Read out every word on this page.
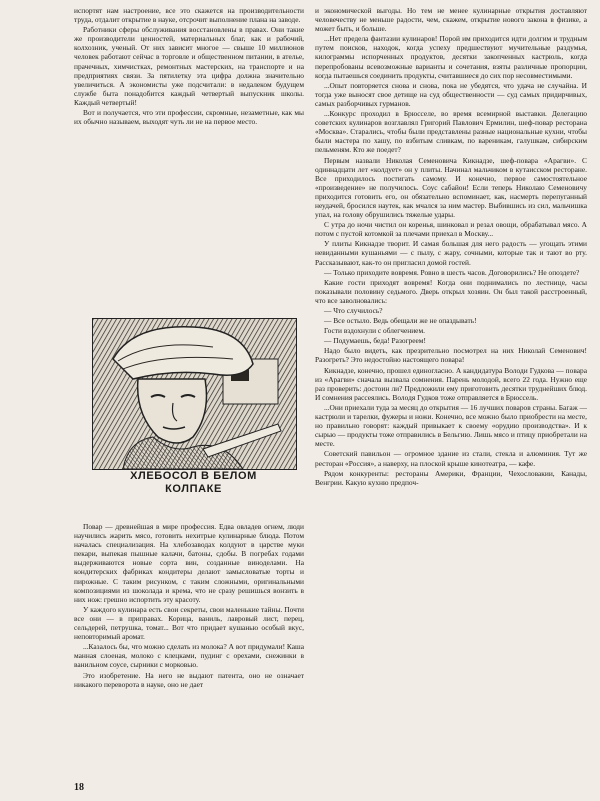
испортят нам настроение, все это скажется на производительности труда, отдалит открытие в науке, отсрочит выполнение плана на заводе.

Работники сферы обслуживания восстановлены в правах. Они такие же производители ценностей, материальных благ, как и рабочий, колхозник, ученый. От них зависит многое — свыше 10 миллионов человек работают сейчас в торговле и общественном питании, в ателье, прачечных, химчистках, ремонтных мастерских, на транспорте и на предприятиях связи. За пятилетку эта цифра должна значительно увеличиться. А экономисты уже подсчитали: в недалеком будущем службе быта понадобится каждый четвертый выпускник школы. Каждый четвертый!

Вот и получается, что эти профессии, скромные, незаметные, как мы их обычно называем, выходят чуть ли не на первое место.

ХЛЕБОСОЛ В БЕЛОМ
КОЛПАКЕ

Повар — древнейшая в мире профессия. Едва овладев огнем, люди научились жарить мясо, готовить нехитрые кулинарные блюда. Потом началась специализация. На хлебозаводах колдуют в царстве муки пекари, выпекая пышные калачи, батоны, сдобы. В погребах годами выдерживаются новые сорта вин, созданные виноделами. На кондитерских фабриках кондитеры делают замысловатые торты и пирожные. С таким рисунком, с таким сложными, оригинальными композициями из шоколада и крема, что не сразу решишься вонзить в них нож: грешно испортить эту красоту.

У каждого кулинара есть свои секреты, свои маленькие тайны. Почти все они — в приправах. Корица, ваниль, лавровый лист, перец, сельдерей, петрушка, томат... Вот что придает кушанью особый вкус, неповторимый аромат.

...Казалось бы, что можно сделать из молока? А вот придумали! Каша манная слоеная, молоко с клецками, пудинг с орехами, снежинки в ванильном соусе, сырники с морковью.

Это изобретение. На него не выдают патента, оно не означает никакого переворота в науке, оно не дает

и экономической выгоды. Но тем не менее кулинарные открытия доставляют человечеству не меньше радости, чем, скажем, открытие нового закона в физике, а может быть, и больше.

...Нет предела фантазии кулинаров! Порой им приходится идти долгим и трудным путем поисков, находок, когда успеху предшествуют мучительные раздумья, килограммы испорченных продуктов, десятки закопченных кастрюль, когда перепробованы всевозможные варианты и сочетания, взяты различные пропорции, когда пытаешься соединить продукты, считавшиеся до сих пор несовместимыми.

...Опыт повторяется снова и снова, пока не убедятся, что удача не случайна. И тогда уже выносят свое детище на суд общественности — суд самых придирчивых, самых разборчивых гурманов.

...Конкурс проходил в Брюсселе, во время всемирной выставки. Делегацию советских кулинаров возглавлял Григорий Павлович Ермилин, шеф-повар ресторана «Москва». Старались, чтобы были представлены разные национальные кухни, чтобы были мастера по хашу, по взбитым сливкам, по вареникам, галушкам, сибирским пельменям. Кто же поедет?

Первым назвали Николая Семеновича Кикнадзе, шеф-повара «Арагви». С одиннадцати лет «колдует» он у плиты. Начинал мальчиком в кутаисском ресторане. Все приходилось постигать самому. И конечно, первое самостоятельное «произведение» не получилось. Соус сабайон! Если теперь Николаю Семеновичу приходится готовить его, он обязательно вспоминает, как, насмерть перепуганный неудачей, бросился наутек, как мчался за ним мастер. Выбившись из сил, мальчишка упал, на голову обрушились тяжелые удары.

С утра до ночи чистил он коренья, шинковал и резал овощи, обрабатывал мясо. А потом с пустой котомкой за плечами приехал в Москву...

У плиты Кикнадзе творит. И самая большая для него радость — угощать этими невиданными кушаньями — с пылу, с жару, сочными, которые так и тают во рту. Рассказывают, как-то он пригласил домой гостей.

— Только приходите вовремя. Ровно в шесть часов. Договорились? Не опоздете?

Какие гости приходят вовремя! Когда они поднимались по лестнице, часы показывали половину седьмого. Дверь открыл хозяин. Он был такой расстроенный, что все заволновались:

— Что случилось?

— Все остыло. Ведь обещали же не опаздывать!

Гости вздохнули с облегчением.

— Подумаешь, беда! Разогреем!

Надо было видеть, как презрительно посмотрел на них Николай Семенович! Разогреть? Это недостойно настоящего повара!

Кикнадзе, конечно, прошел единогласно. А кандидатура Володи Гудкова — повара из «Арагви» сначала вызвала сомнения. Парень молодой, всего 22 года. Нужно еще раз проверить: достоин ли? Предложили ему приготовить десятки труднейших блюд. И сомнения рассеялись. Володя Гудков тоже отправляется в Брюссель.

...Они приехали туда за месяц до открытия — 16 лучших поваров страны. Багаж — кастрюли и тарелки, фужеры и ножи. Конечно, все можно было приобрести на месте, но правильно говорят: каждый привыкает к своему «орудию производства». И к сырью — продукты тоже отправились в Бельгию. Лишь мясо и птицу приобретали на месте.

Советский павильон — огромное здание из стали, стекла и алюминия. Тут же ресторан «Россия», а наверху, на плоской крыше кинотеатра, — кафе.

Рядом конкуренты: рестораны Америки, Франции, Чехословакии, Канады, Венгрии. Какую кухню предпоч-

18
